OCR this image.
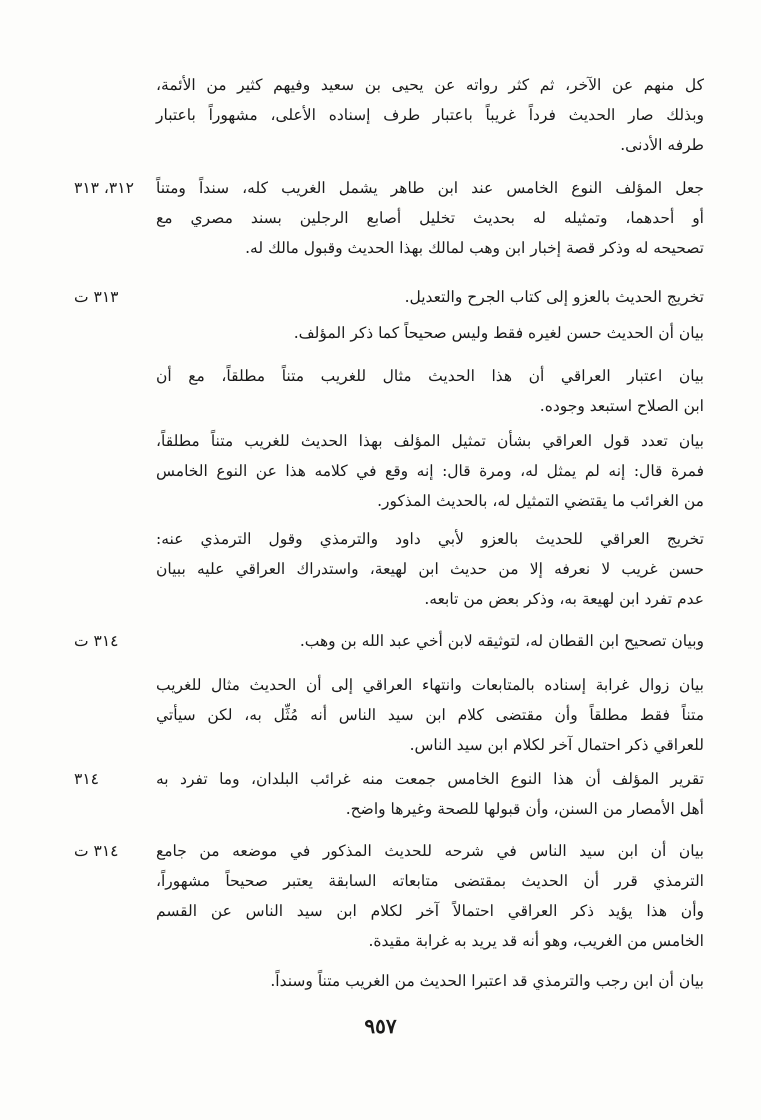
كل منهم عن الآخر، ثم كثر رواته عن يحيى بن سعيد وفيهم كثير من الأئمة،
وبذلك صار الحديث فرداً غريباً باعتبار طرف إسناده الأعلى، مشهوراً باعتبار
طرفه الأدنى.
جعل المؤلف النوع الخامس عند ابن طاهر يشمل الغريب كله، سنداً ومتناً
أو أحدهما، وتمثيله له بحديث تخليل أصابع الرجلين بسند مصري مع
تصحيحه له وذكر قصة إخبار ابن وهب لمالك بهذا الحديث وقبول مالك له.
٣١٢، ٣١٣
تخريج الحديث بالعزو إلى كتاب الجرح والتعديل.
٣١٣ ت
بيان أن الحديث حسن لغيره فقط وليس صحيحاً كما ذكر المؤلف.
بيان اعتبار العراقي أن هذا الحديث مثال للغريب متناً مطلقاً، مع أن
ابن الصلاح استبعد وجوده.
بيان تعدد قول العراقي بشأن تمثيل المؤلف بهذا الحديث للغريب متناً مطلقاً،
فمرة قال: إنه لم يمثل له، ومرة قال: إنه وقع في كلامه هذا عن النوع الخامس
من الغرائب ما يقتضي التمثيل له، بالحديث المذكور.
تخريج العراقي للحديث بالعزو لأبي داود والترمذي وقول الترمذي عنه:
حسن غريب لا نعرفه إلا من حديث ابن لهيعة، واستدراك العراقي عليه ببيان
عدم تفرد ابن لهيعة به، وذكر بعض من تابعه.
وبيان تصحيح ابن القطان له، لتوثيقه لابن أخي عبد الله بن وهب.
٣١٤ ت
بيان زوال غرابة إسناده بالمتابعات وانتهاء العراقي إلى أن الحديث مثال للغريب
متناً فقط مطلقاً وأن مقتضى كلام ابن سيد الناس أنه مُثِّل به، لكن سيأتي
للعراقي ذكر احتمال آخر لكلام ابن سيد الناس.
تقرير المؤلف أن هذا النوع الخامس جمعت منه غرائب البلدان، وما تفرد به
أهل الأمصار من السنن، وأن قبولها للصحة وغيرها واضح.
٣١٤
بيان أن ابن سيد الناس في شرحه للحديث المذكور في موضعه من جامع
الترمذي قرر أن الحديث بمقتضى متابعاته السابقة يعتبر صحيحاً مشهوراً،
وأن هذا يؤيد ذكر العراقي احتمالاً آخر لكلام ابن سيد الناس عن القسم
الخامس من الغريب، وهو أنه قد يريد به غرابة مقيدة.
٣١٤ ت
بيان أن ابن رجب والترمذي قد اعتبرا الحديث من الغريب متناً وسنداً.
٩٥٧
